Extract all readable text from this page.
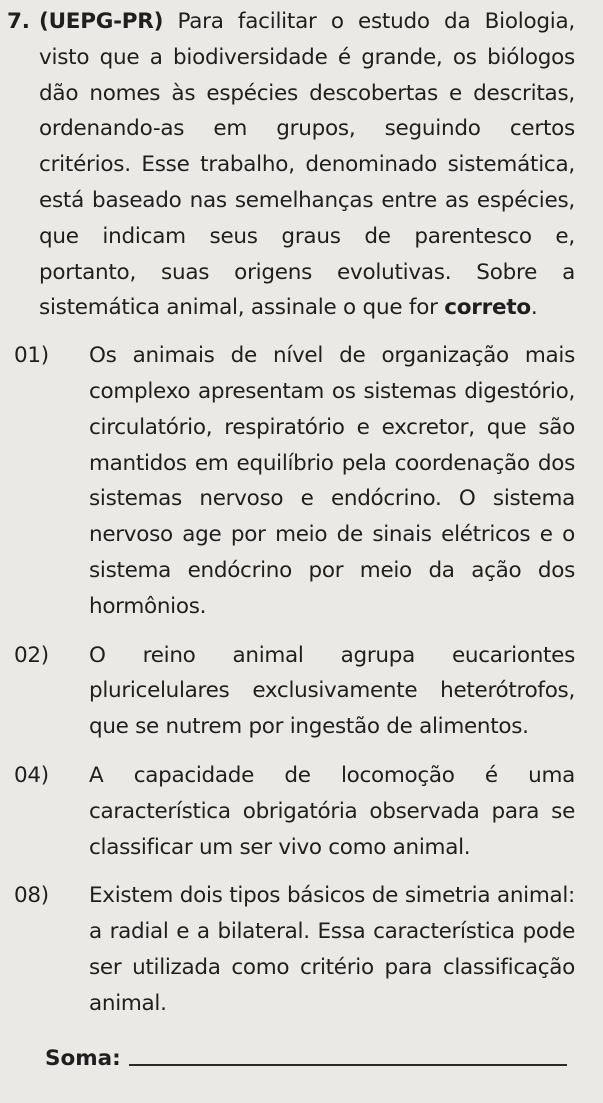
7. (UEPG-PR) Para facilitar o estudo da Biologia, visto que a biodiversidade é grande, os biólogos dão nomes às espécies descobertas e descritas, ordenando-as em grupos, seguindo certos critérios. Esse trabalho, denominado sistemática, está baseado nas semelhanças entre as espécies, que indicam seus graus de parentesco e, portanto, suas origens evolutivas. Sobre a sistemática animal, assinale o que for correto.
01)	Os animais de nível de organização mais complexo apresentam os sistemas digestório, circulatório, respiratório e excretor, que são mantidos em equilíbrio pela coordenação dos sistemas nervoso e endócrino. O sistema nervoso age por meio de sinais elétricos e o sistema endócrino por meio da ação dos hormônios.
02)	O reino animal agrupa eucariontes pluricelulares exclusivamente heterótrofos, que se nutrem por ingestão de alimentos.
04)	A capacidade de locomoção é uma característica obrigatória observada para se classificar um ser vivo como animal.
08)	Existem dois tipos básicos de simetria animal: a radial e a bilateral. Essa característica pode ser utilizada como critério para classificação animal.
Soma:
